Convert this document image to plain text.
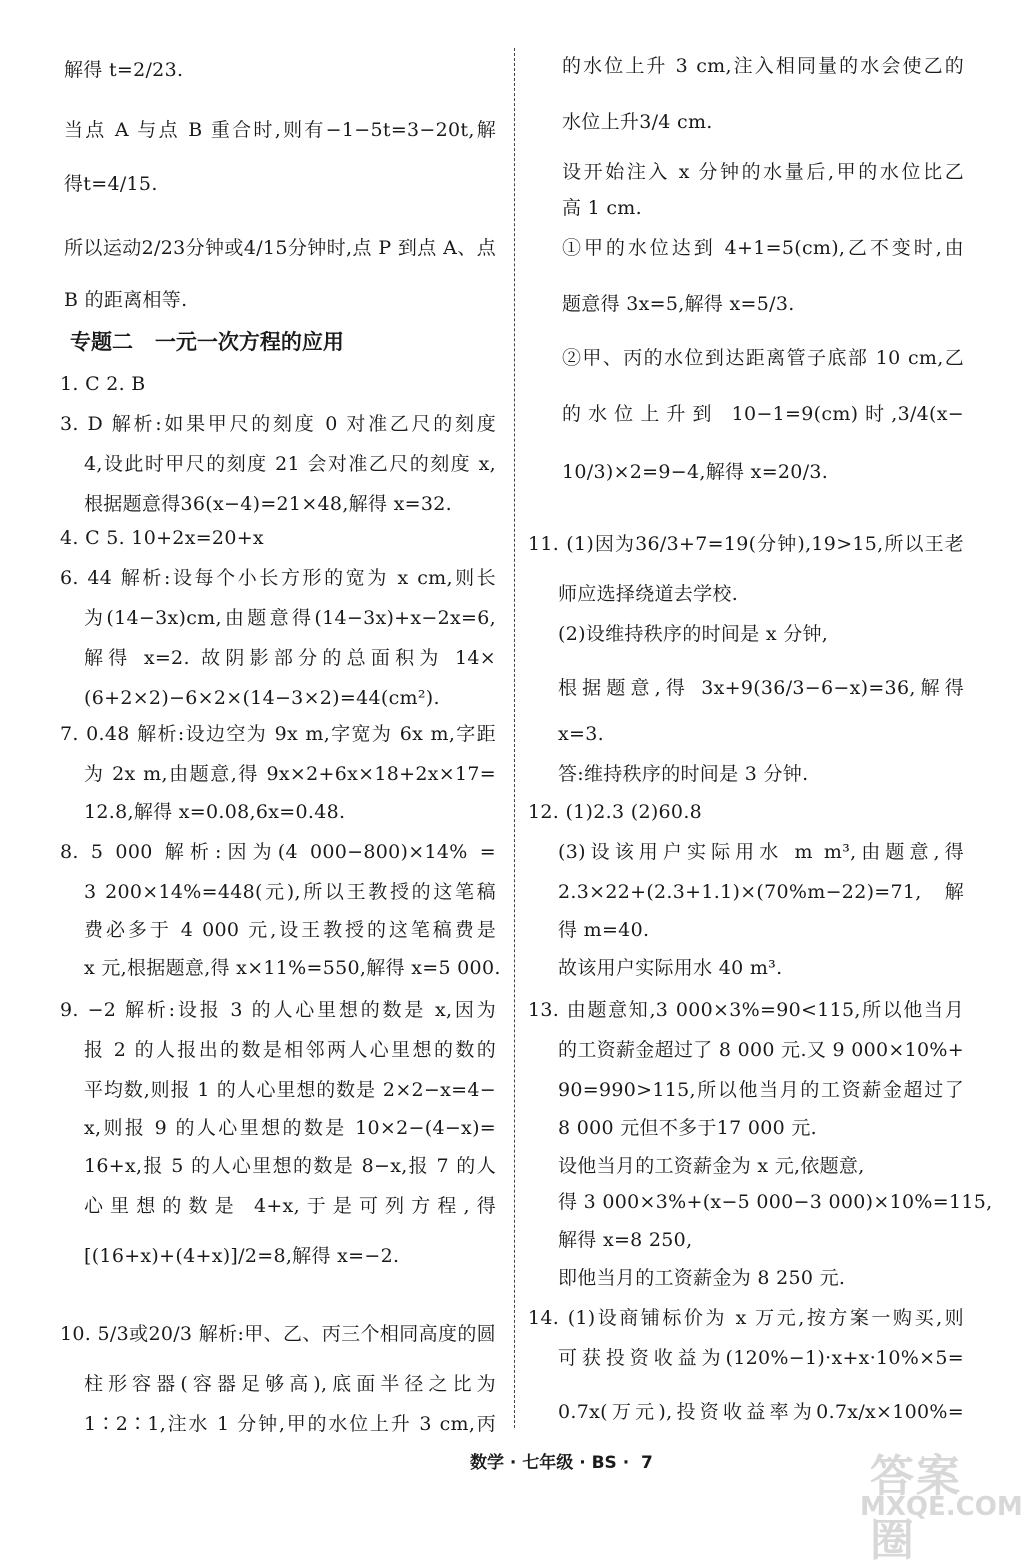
解得 t=2/23.
当点 A 与点 B 重合时,则有−1−5t=3−20t,解
得t=4/15.
所以运动2/23分钟或4/15分钟时,点 P 到点 A、点
B 的距离相等.
1. C 2. B
3. D 解析:如果甲尺的刻度 0 对准乙尺的刻度
4,设此时甲尺的刻度 21 会对准乙尺的刻度 x,
根据题意得36(x−4)=21×48,解得 x=32.
4. C 5. 10+2x=20+x
6. 44 解析:设每个小长方形的宽为 x cm,则长
为(14−3x)cm,由题意得(14−3x)+x−2x=6,
解得 x=2. 故阴影部分的总面积为 14×
(6+2×2)−6×2×(14−3×2)=44(cm²).
7. 0.48 解析:设边空为 9x m,字宽为 6x m,字距
为 2x m,由题意,得 9x×2+6x×18+2x×17=
12.8,解得 x=0.08,6x=0.48.
8. 5 000 解析:因为(4 000−800)×14% =
3 200×14%=448(元),所以王教授的这笔稿
费必多于 4 000 元,设王教授的这笔稿费是
x 元,根据题意,得 x×11%=550,解得 x=5 000.
9. −2 解析:设报 3 的人心里想的数是 x,因为
报 2 的人报出的数是相邻两人心里想的数的
平均数,则报 1 的人心里想的数是 2×2−x=4−
x,则报 9 的人心里想的数是 10×2−(4−x)=
16+x,报 5 的人心里想的数是 8−x,报 7 的人
心里想的数是 4+x,于是可列方程,得
[(16+x)+(4+x)]/2=8,解得 x=−2.
10. 5/3或20/3 解析:甲、乙、丙三个相同高度的圆
柱形容器(容器足够高),底面半径之比为
1∶2∶1,注水 1 分钟,甲的水位上升 3 cm,丙
专题二   一元一次方程的应用
的水位上升 3 cm,注入相同量的水会使乙的
水位上升3/4 cm.
设开始注入 x 分钟的水量后,甲的水位比乙
高 1 cm.
①甲的水位达到 4+1=5(cm),乙不变时,由
题意得 3x=5,解得 x=5/3.
②甲、丙的水位到达距离管子底部 10 cm,乙
的水位上升到 10−1=9(cm)时,3/4(x−
10/3)×2=9−4,解得 x=20/3.
11. (1)因为36/3+7=19(分钟),19>15,所以王老
师应选择绕道去学校.
(2)设维持秩序的时间是 x 分钟,
根据题意,得 3x+9(36/3−6−x)=36,解得
x=3.
答:维持秩序的时间是 3 分钟.
12. (1)2.3 (2)60.8
(3)设该用户实际用水 m m³,由题意,得
2.3×22+(2.3+1.1)×(70%m−22)=71,解
得 m=40.
故该用户实际用水 40 m³.
13. 由题意知,3 000×3%=90<115,所以他当月
的工资薪金超过了 8 000 元.又 9 000×10%+
90=990>115,所以他当月的工资薪金超过了
8 000 元但不多于17 000 元.
设他当月的工资薪金为 x 元,依题意,
得 3 000×3%+(x−5 000−3 000)×10%=115,
解得 x=8 250,
即他当月的工资薪金为 8 250 元.
14. (1)设商铺标价为 x 万元,按方案一购买,则
可获投资收益为(120%−1)·x+x·10%×5=
0.7x(万元),投资收益率为0.7x/x×100%=
数学 · 七年级 · BS ·  7	答案圈
MXQE.COM
